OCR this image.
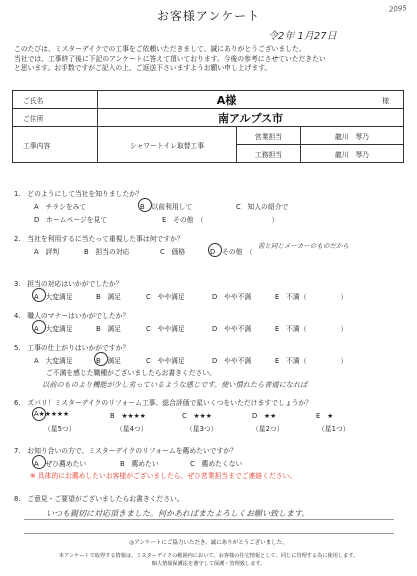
お客様アンケート	2095
令2年 1月27日
このたびは、ミスターデイクでの工事をご依頼いただきまして、誠にありがとうございました。
当社では、工事終了後に下記のアンケートに答えて頂いております。今後の参考にさせていただきたい
と思います。お手数ですがご記入の上、ご返送下さいますようお願い申し上げます。
ご氏名	A様			様
ご住所	南アルプス市			
工事内容	シャワートイレ取替工事	営業担当	龍川　琴乃	
		工務担当	龍川　琴乃	
1.　どのようにして当社を知りましたか？
A　チラシをみて	B　以前利用して	C　知人の紹介で
D　ホームページを見て	E　その他　（　　　　　　　　　　）
2.　当社を利用するに当たって重視した事は何ですか？
A　評判	B　担当の対応	C　価格	D　その他　（
前と同じメーカーのものだから
3.　担当の対応はいかがでしたか？
A　大変満足	B　満足	C　やや満足	D　やや不満	E　不満（　　　　　）
4.　職人のマナーはいかがでしたか？
A　大変満足	B　満足	C　やや満足	D　やや不満	E　不満（　　　　　）
5.　工事の仕上がりはいかがですか？
A　大変満足	B　満足	C　やや満足	D　やや不満	E　不満（　　　　　）
ご不満を感じた職種がございましたらお書きください。
以前のものより機能が少し劣っているような感じです。使い慣れたら普通になれば
6.　ズバリ！ミスターデイクのリフォーム工事、総合評価で星いくつをいただけますでしょうか？
A★★★★★	B　★★★★	C　★★★	D　★★	E　★
（星5つ）	（星4つ）	（星3つ）	（星2つ）	（星1つ）
7.　お知り合いの方で、ミスターデイクのリフォームを薦めたいですか？
A　ぜひ薦めたい	B　薦めたい	C　薦めたくない
※ 具体的にお薦めしたいお客様がございましたら、ぜひ営業担当までご連絡ください。
8.　ご意見・ご要望がございましたらお書きください。
いつも親切に対応頂きました。何かあればまたよろしくお願い致します。
◎アンケートにご協力いただき、誠にありがとうございました。
本アンケートで取得する情報は、ミスターデイクの範囲内において、お客様の住宅情報として、同じに管理する為に使用します。
個人情報保護法を遵守して保護・管理致します。
